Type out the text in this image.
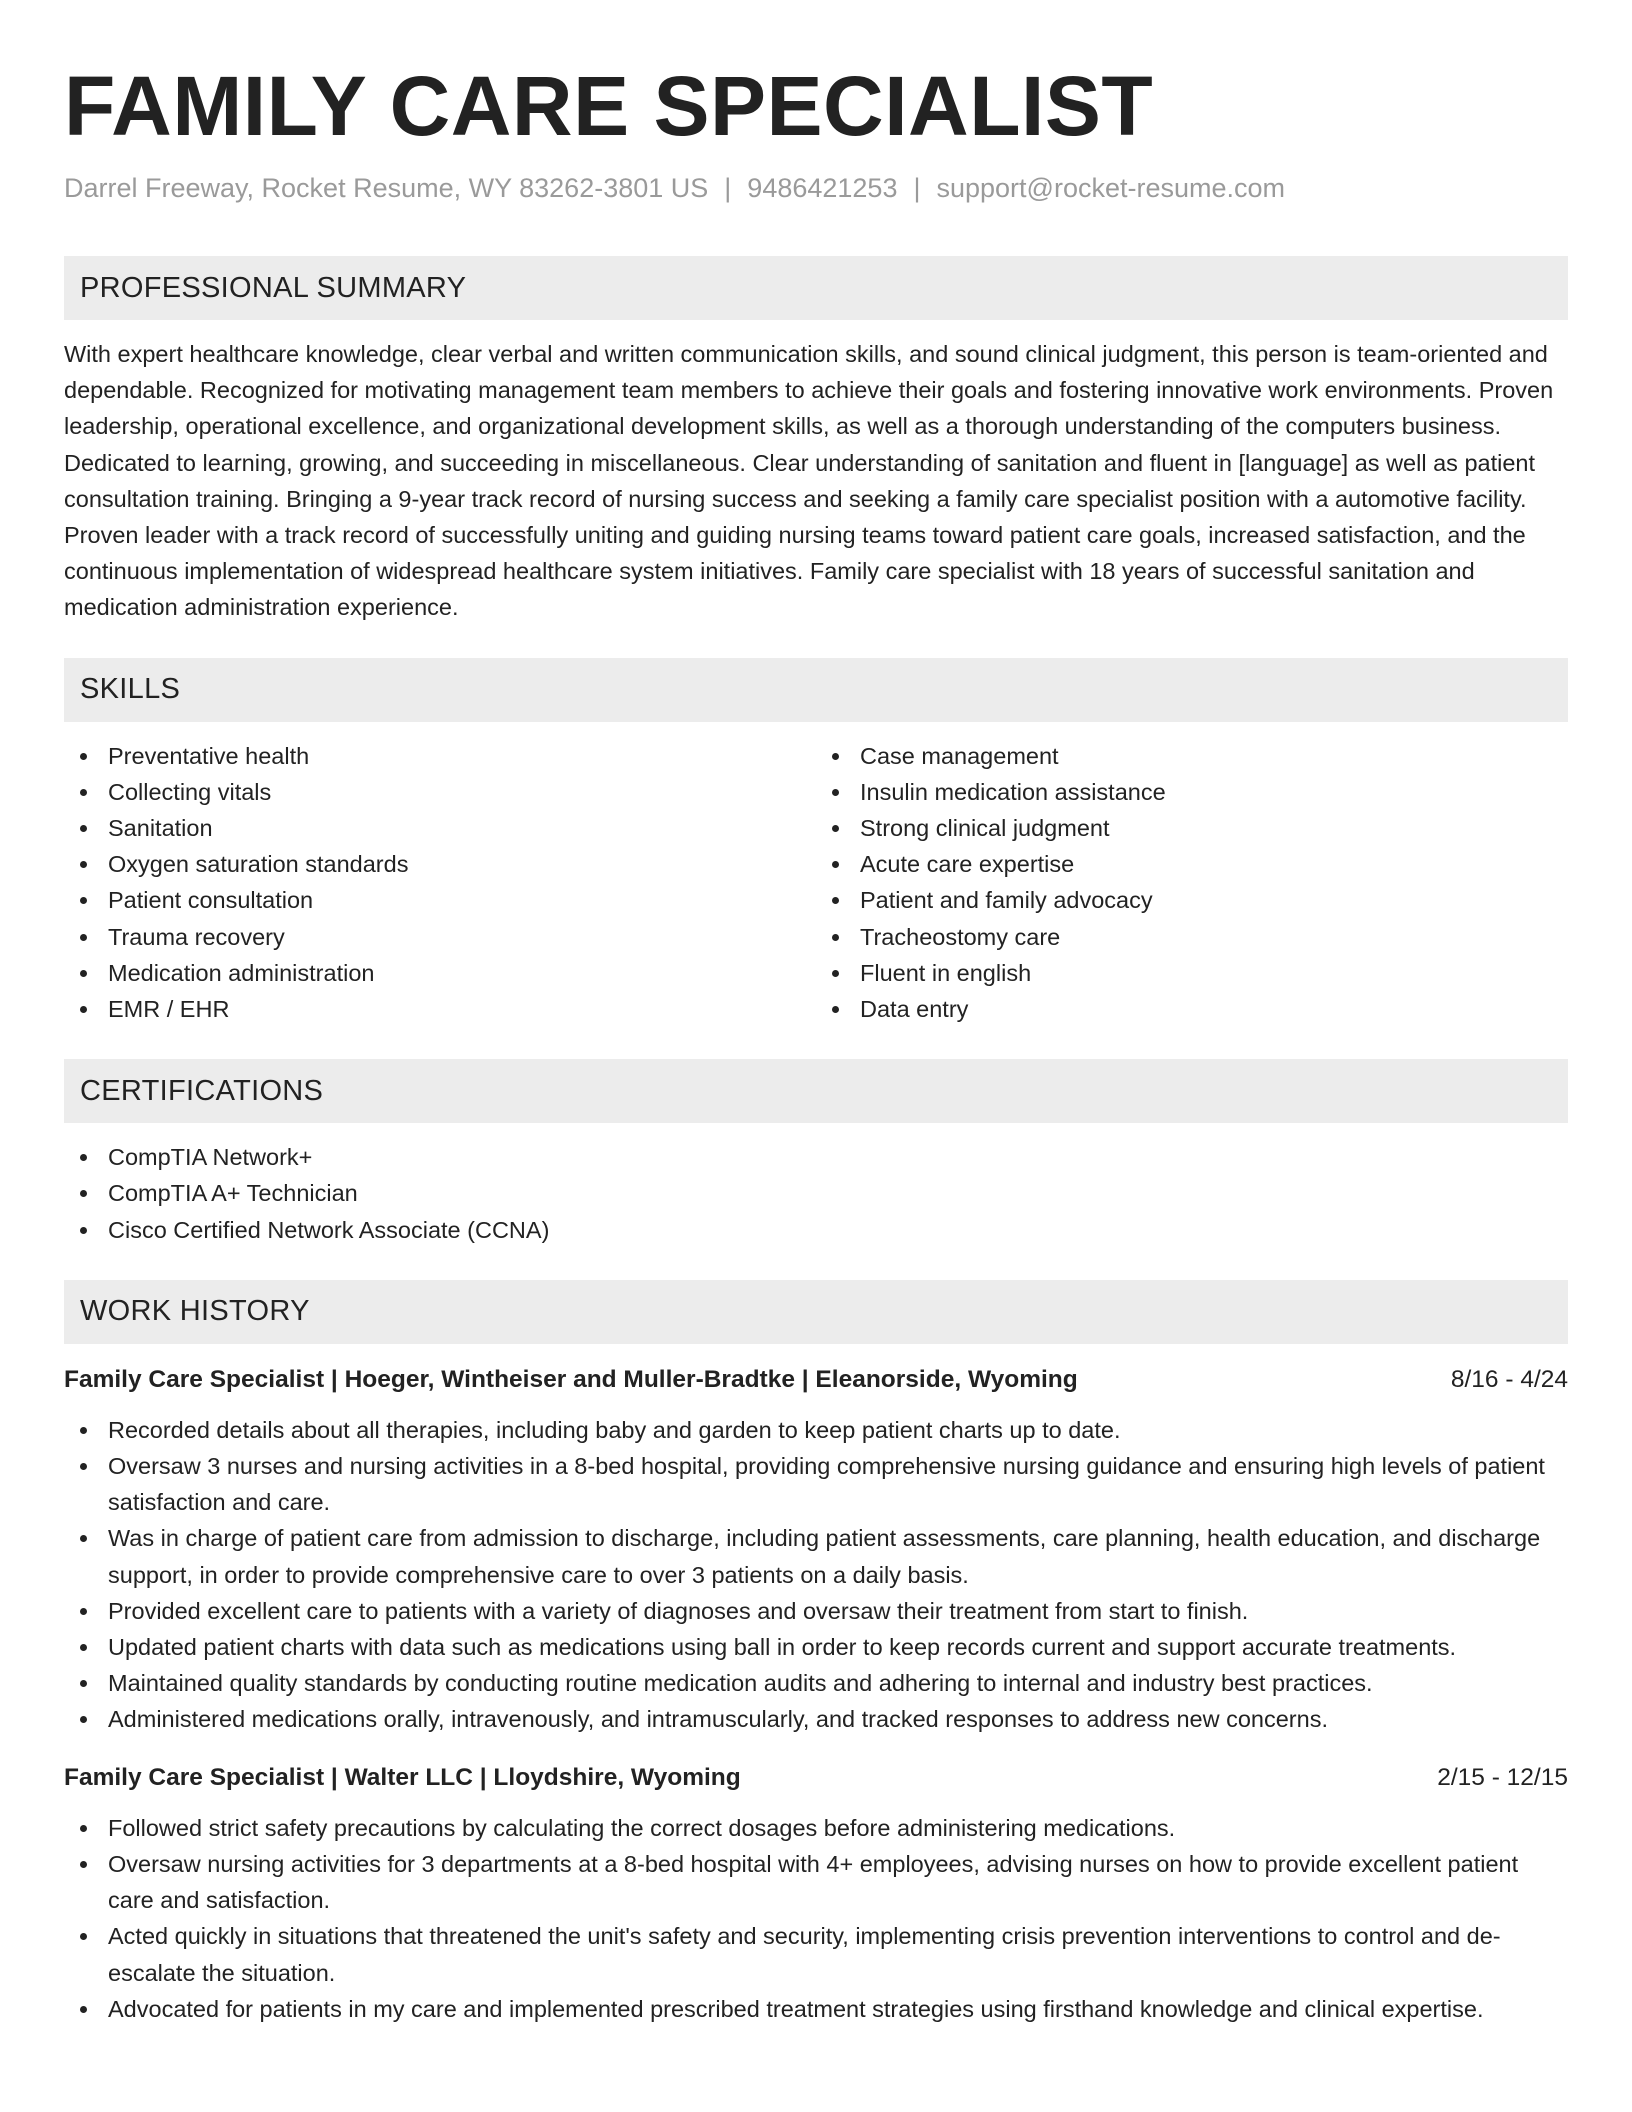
FAMILY CARE SPECIALIST
Darrel Freeway, Rocket Resume, WY 83262-3801 US | 9486421253 | support@rocket-resume.com
PROFESSIONAL SUMMARY

With expert healthcare knowledge, clear verbal and written communication skills, and sound clinical judgment, this person is team-oriented and dependable. Recognized for motivating management team members to achieve their goals and fostering innovative work environments. Proven leadership, operational excellence, and organizational development skills, as well as a thorough understanding of the computers business. Dedicated to learning, growing, and succeeding in miscellaneous. Clear understanding of sanitation and fluent in [language] as well as patient consultation training. Bringing a 9-year track record of nursing success and seeking a family care specialist position with a automotive facility. Proven leader with a track record of successfully uniting and guiding nursing teams toward patient care goals, increased satisfaction, and the continuous implementation of widespread healthcare system initiatives. Family care specialist with 18 years of successful sanitation and medication administration experience.

SKILLS
Preventative health
Collecting vitals
Sanitation
Oxygen saturation standards
Patient consultation
Trauma recovery
Medication administration
EMR / EHR
Case management
Insulin medication assistance
Strong clinical judgment
Acute care expertise
Patient and family advocacy
Tracheostomy care
Fluent in english
Data entry
CERTIFICATIONS
CompTIA Network+
CompTIA A+ Technician
Cisco Certified Network Associate (CCNA)
WORK HISTORY
Family Care Specialist | Hoeger, Wintheiser and Muller-Bradtke | Eleanorside, Wyoming	8/16 - 4/24
Recorded details about all therapies, including baby and garden to keep patient charts up to date.
Oversaw 3 nurses and nursing activities in a 8-bed hospital, providing comprehensive nursing guidance and ensuring high levels of patient satisfaction and care.
Was in charge of patient care from admission to discharge, including patient assessments, care planning, health education, and discharge support, in order to provide comprehensive care to over 3 patients on a daily basis.
Provided excellent care to patients with a variety of diagnoses and oversaw their treatment from start to finish.
Updated patient charts with data such as medications using ball in order to keep records current and support accurate treatments.
Maintained quality standards by conducting routine medication audits and adhering to internal and industry best practices.
Administered medications orally, intravenously, and intramuscularly, and tracked responses to address new concerns.
Family Care Specialist | Walter LLC | Lloydshire, Wyoming	2/15 - 12/15
Followed strict safety precautions by calculating the correct dosages before administering medications.
Oversaw nursing activities for 3 departments at a 8-bed hospital with 4+ employees, advising nurses on how to provide excellent patient care and satisfaction.
Acted quickly in situations that threatened the unit's safety and security, implementing crisis prevention interventions to control and de-escalate the situation.
Advocated for patients in my care and implemented prescribed treatment strategies using firsthand knowledge and clinical expertise.
